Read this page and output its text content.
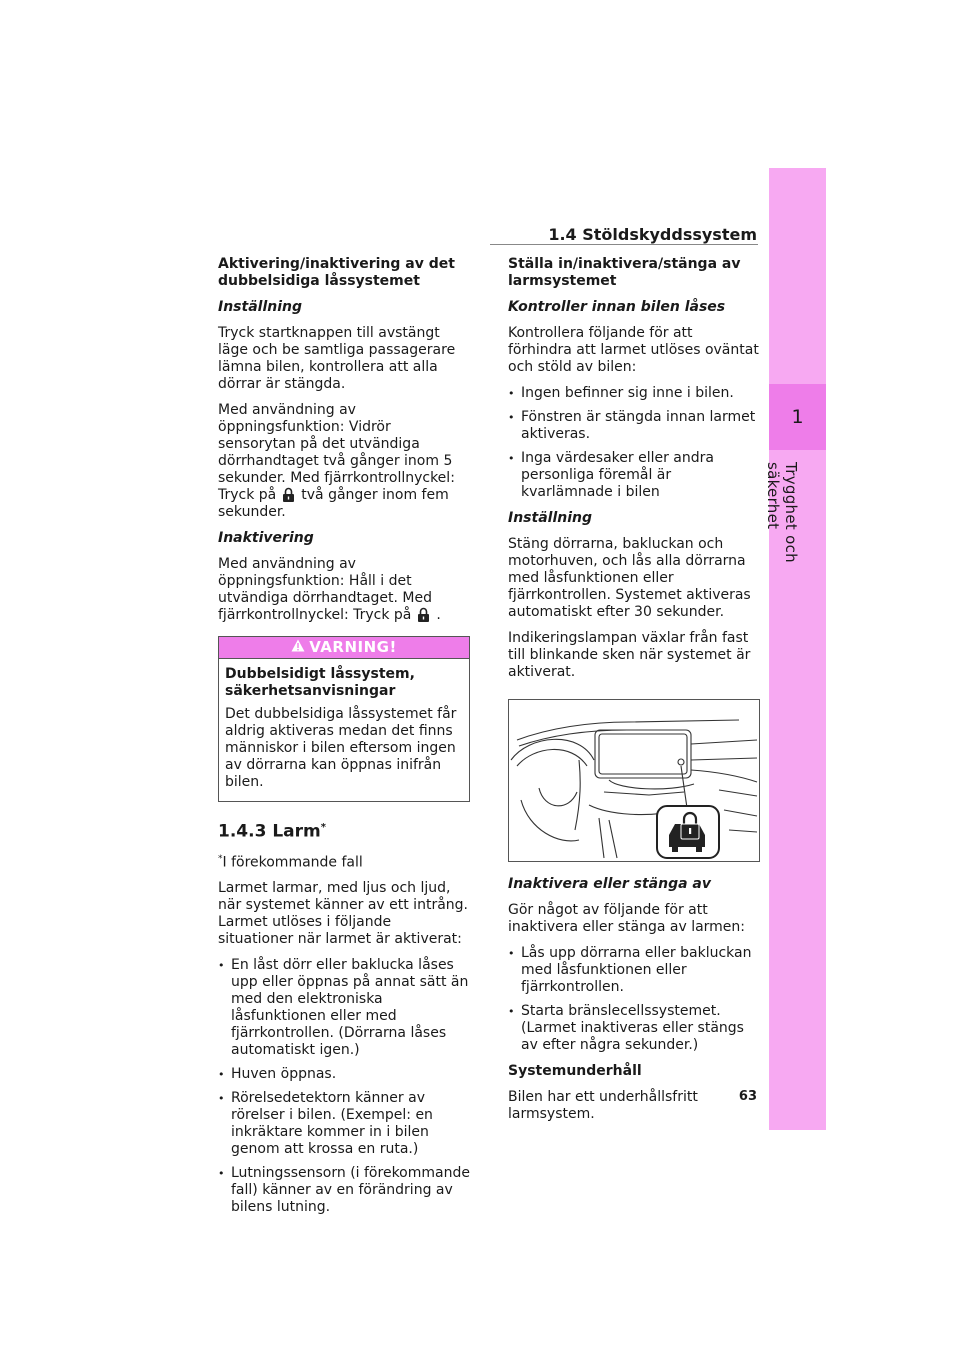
1
Trygghet och säkerhet
1.4 Stöldskyddssystem

Aktivering/inaktivering av det dubbelsidiga låssystemet

Inställning

Tryck startknappen till avstängt läge och be samtliga passagerare lämna bilen, kontrollera att alla dörrar är stängda.

Med användning av öppningsfunktion: Vidrör sensorytan på det utvändiga dörrhandtaget två gånger inom 5 sekunder. Med fjärrkontrollnyckel: Tryck på två gånger inom fem sekunder.

Inaktivering

Med användning av öppningsfunktion: Håll i det utvändiga dörrhandtaget. Med fjärrkontrollnyckel: Tryck på .

VARNING!

Dubbelsidigt låssystem, säkerhetsanvisningar

Det dubbelsidiga låssystemet får aldrig aktiveras medan det finns människor i bilen eftersom ingen av dörrarna kan öppnas inifrån bilen.

1.4.3 Larm*

*I förekommande fall

Larmet larmar, med ljus och ljud, när systemet känner av ett intrång. Larmet utlöses i följande situationer när larmet är aktiverat:

• En låst dörr eller baklucka låses upp eller öppnas på annat sätt än med den elektroniska låsfunktionen eller med fjärrkontrollen. (Dörrarna låses automatiskt igen.)
• Huven öppnas.
• Rörelsedetektorn känner av rörelser i bilen. (Exempel: en inkräktare kommer in i bilen genom att krossa en ruta.)
• Lutningssensorn (i förekommande fall) känner av en förändring av bilens lutning.

Ställa in/inaktivera/stänga av larmsystemet

Kontroller innan bilen låses

Kontrollera följande för att förhindra att larmet utlöses oväntat och stöld av bilen:

• Ingen befinner sig inne i bilen.
• Fönstren är stängda innan larmet aktiveras.
• Inga värdesaker eller andra personliga föremål är kvarlämnade i bilen

Inställning

Stäng dörrarna, bakluckan och motorhuven, och lås alla dörrarna med låsfunktionen eller fjärrkontrollen. Systemet aktiveras automatiskt efter 30 sekunder.

Indikeringslampan växlar från fast till blinkande sken när systemet är aktiverat.

Inaktivera eller stänga av

Gör något av följande för att inaktivera eller stänga av larmen:

• Lås upp dörrarna eller bakluckan med låsfunktionen eller fjärrkontrollen.
• Starta bränslecellssystemet. (Larmet inaktiveras eller stängs av efter några sekunder.)

Systemunderhåll

Bilen har ett underhållsfritt larmsystem.

63
